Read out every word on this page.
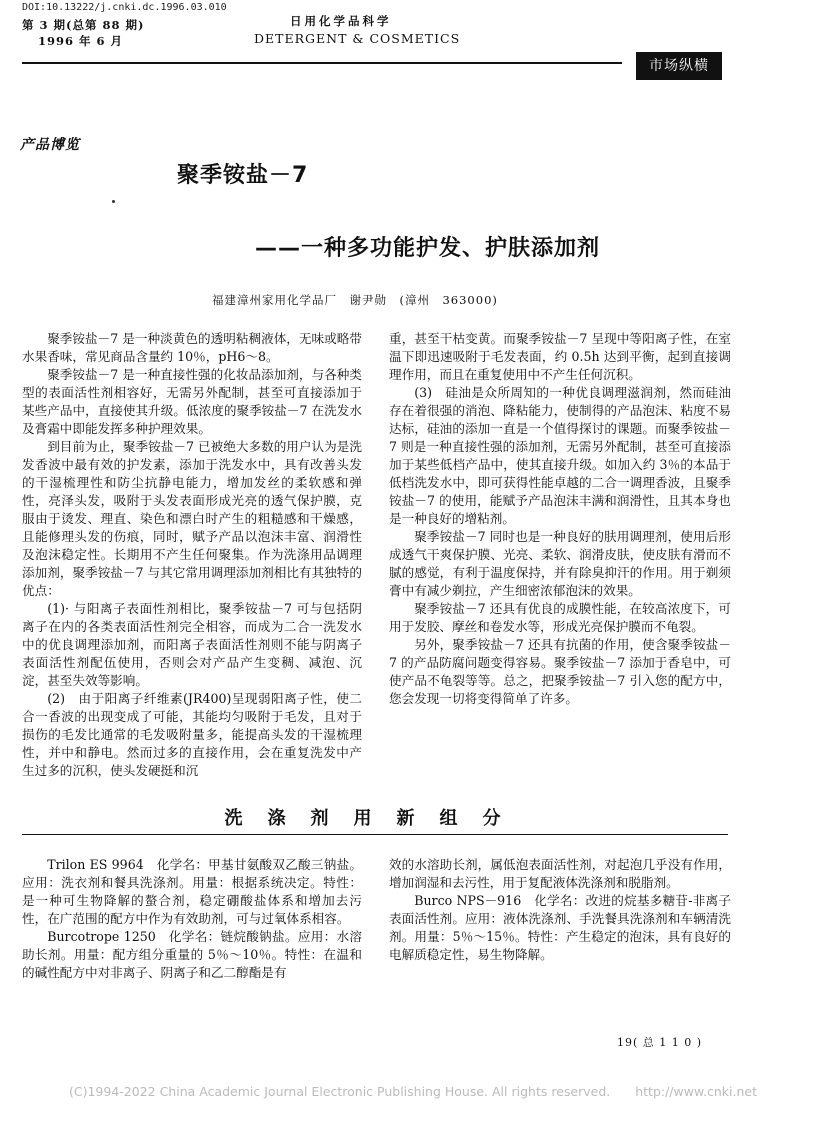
DOI:10.13222/j.cnki.dc.1996.03.010
第 3 期(总第 88 期)
1996 年 6 月
日用化学品科学
DETERGENT & COSMETICS
市场纵横
产品博览
聚季铵盐－7
——一种多功能护发、护肤添加剂
福建漳州家用化学品厂　谢尹勋　(漳州　363000)

聚季铵盐－7 是一种淡黄色的透明粘稠液体，无味或略带水果香味，常见商品含量约 10％，pH6～8。

聚季铵盐－7 是一种直接性强的化妆品添加剂，与各种类型的表面活性剂相容好，无需另外配制，甚至可直接添加于某些产品中，直接使其升级。低浓度的聚季铵盐－7 在洗发水及膏霜中即能发挥多种护理效果。

到目前为止，聚季铵盐－7 已被绝大多数的用户认为是洗发香波中最有效的护发素，添加于洗发水中，具有改善头发的干湿梳理性和防尘抗静电能力，增加发丝的柔软感和弹性，亮泽头发，吸附于头发表面形成光亮的透气保护膜，克服由于烫发、理直、染色和漂白时产生的粗糙感和干燥感，且能修理头发的伤痕，同时，赋予产品以泡沫丰富、润滑性及泡沫稳定性。长期用不产生任何聚集。作为洗涤用品调理添加剂，聚季铵盐－7 与其它常用调理添加剂相比有其独特的优点：

(1)· 与阳离子表面性剂相比，聚季铵盐－7 可与包括阴离子在内的各类表面活性剂完全相容，而成为二合一洗发水中的优良调理添加剂，而阳离子表面活性剂则不能与阴离子表面活性剂配伍使用，否则会对产品产生变稠、减泡、沉淀，甚至失效等影响。

(2)　由于阳离子纤维素(JR400)呈现弱阳离子性，使二合一香波的出现变成了可能，其能均匀吸附于毛发，且对于损伤的毛发比通常的毛发吸附量多，能提高头发的干湿梳理性，并中和静电。然而过多的直接作用，会在重复洗发中产生过多的沉积，使头发硬挺和沉

重，甚至干枯变黄。而聚季铵盐－7 呈现中等阳离子性，在室温下即迅速吸附于毛发表面，约 0.5h 达到平衡，起到直接调理作用，而且在重复使用中不产生任何沉积。

(3)　硅油是众所周知的一种优良调理滋润剂，然而硅油存在着很强的消泡、降粘能力，使制得的产品泡沫、粘度不易达标，硅油的添加一直是一个值得探讨的课题。而聚季铵盐－7 则是一种直接性强的添加剂，无需另外配制，甚至可直接添加于某些低档产品中，使其直接升级。如加入约 3％的本品于低档洗发水中，即可获得性能卓越的二合一调理香波，且聚季铵盐－7 的使用，能赋予产品泡沫丰满和润滑性，且其本身也是一种良好的增粘剂。

聚季铵盐－7 同时也是一种良好的肤用调理剂，使用后形成透气干爽保护膜、光亮、柔软、润滑皮肤，使皮肤有滑而不腻的感觉，有利于温度保持，并有除臭抑汗的作用。用于剃须膏中有减少剃拉，产生细密浓郁泡沫的效果。

聚季铵盐－7 还具有优良的成膜性能，在较高浓度下，可用于发胶、摩丝和卷发水等，形成光亮保护膜而不龟裂。

另外，聚季铵盐－7 还具有抗菌的作用，使含聚季铵盐－7 的产品防腐问题变得容易。聚季铵盐－7 添加于香皂中，可使产品不龟裂等等。总之，把聚季铵盐－7 引入您的配方中，您会发现一切将变得简单了许多。

洗涤剂用新组分

Trilon ES 9964　化学名：甲基甘氨酸双乙酸三钠盐。应用：洗衣剂和餐具洗涤剂。用量：根据系统决定。特性：是一种可生物降解的螯合剂，稳定硼酸盐体系和增加去污性，在广范围的配方中作为有效助剂，可与过氧体系相容。

Burcotrope 1250　化学名：链烷酸钠盐。应用：水溶助长剂。用量：配方组分重量的 5％～10％。特性：在温和的碱性配方中对非离子、阴离子和乙二醇酯是有

效的水溶助长剂，属低泡表面活性剂，对起泡几乎没有作用，增加润湿和去污性，用于复配液体洗涤剂和脱脂剂。

Burco NPS－916　化学名：改进的烷基多糖苷-非离子表面活性剂。应用：液体洗涤剂、手洗餐具洗涤剂和车辆清洗剂。用量：5％～15％。特性：产生稳定的泡沫，具有良好的电解质稳定性，易生物降解。

19( 总 1 1 0 )
(C)1994-2022 China Academic Journal Electronic Publishing House. All rights reserved.　　http://www.cnki.net
